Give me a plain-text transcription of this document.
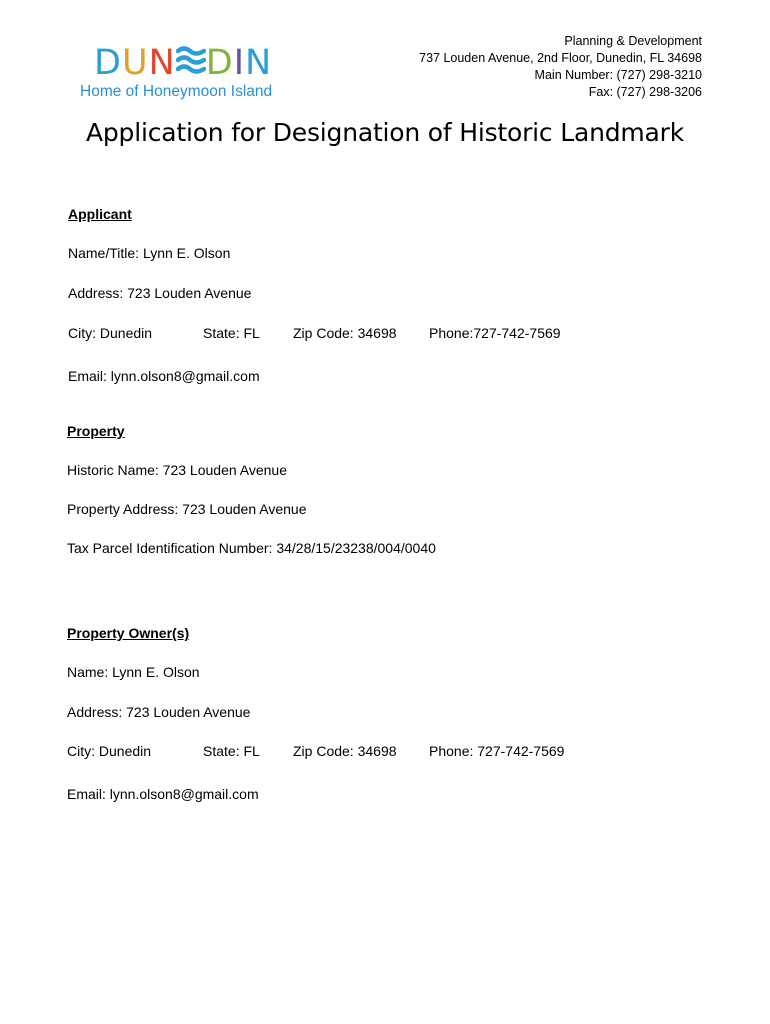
DUN DIN
Home of Honeymoon Island
Planning & Development
737 Louden Avenue, 2nd Floor, Dunedin, FL 34698
Main Number: (727) 298-3210
Fax: (727) 298-3206
Application for Designation of Historic Landmark
Applicant
Name/Title: Lynn E. Olson
Address: 723 Louden Avenue
City: Dunedin	State: FL Zip Code: 34698 Phone:727-742-7569
Email: lynn.olson8@gmail.com
Property
Historic Name: 723 Louden Avenue
Property Address: 723 Louden Avenue
Tax Parcel Identification Number: 34/28/15/23238/004/0040
Property Owner(s)
Name: Lynn E. Olson
Address: 723 Louden Avenue
City: Dunedin	State: FL Zip Code: 34698 Phone: 727-742-7569
Email: lynn.olson8@gmail.com
